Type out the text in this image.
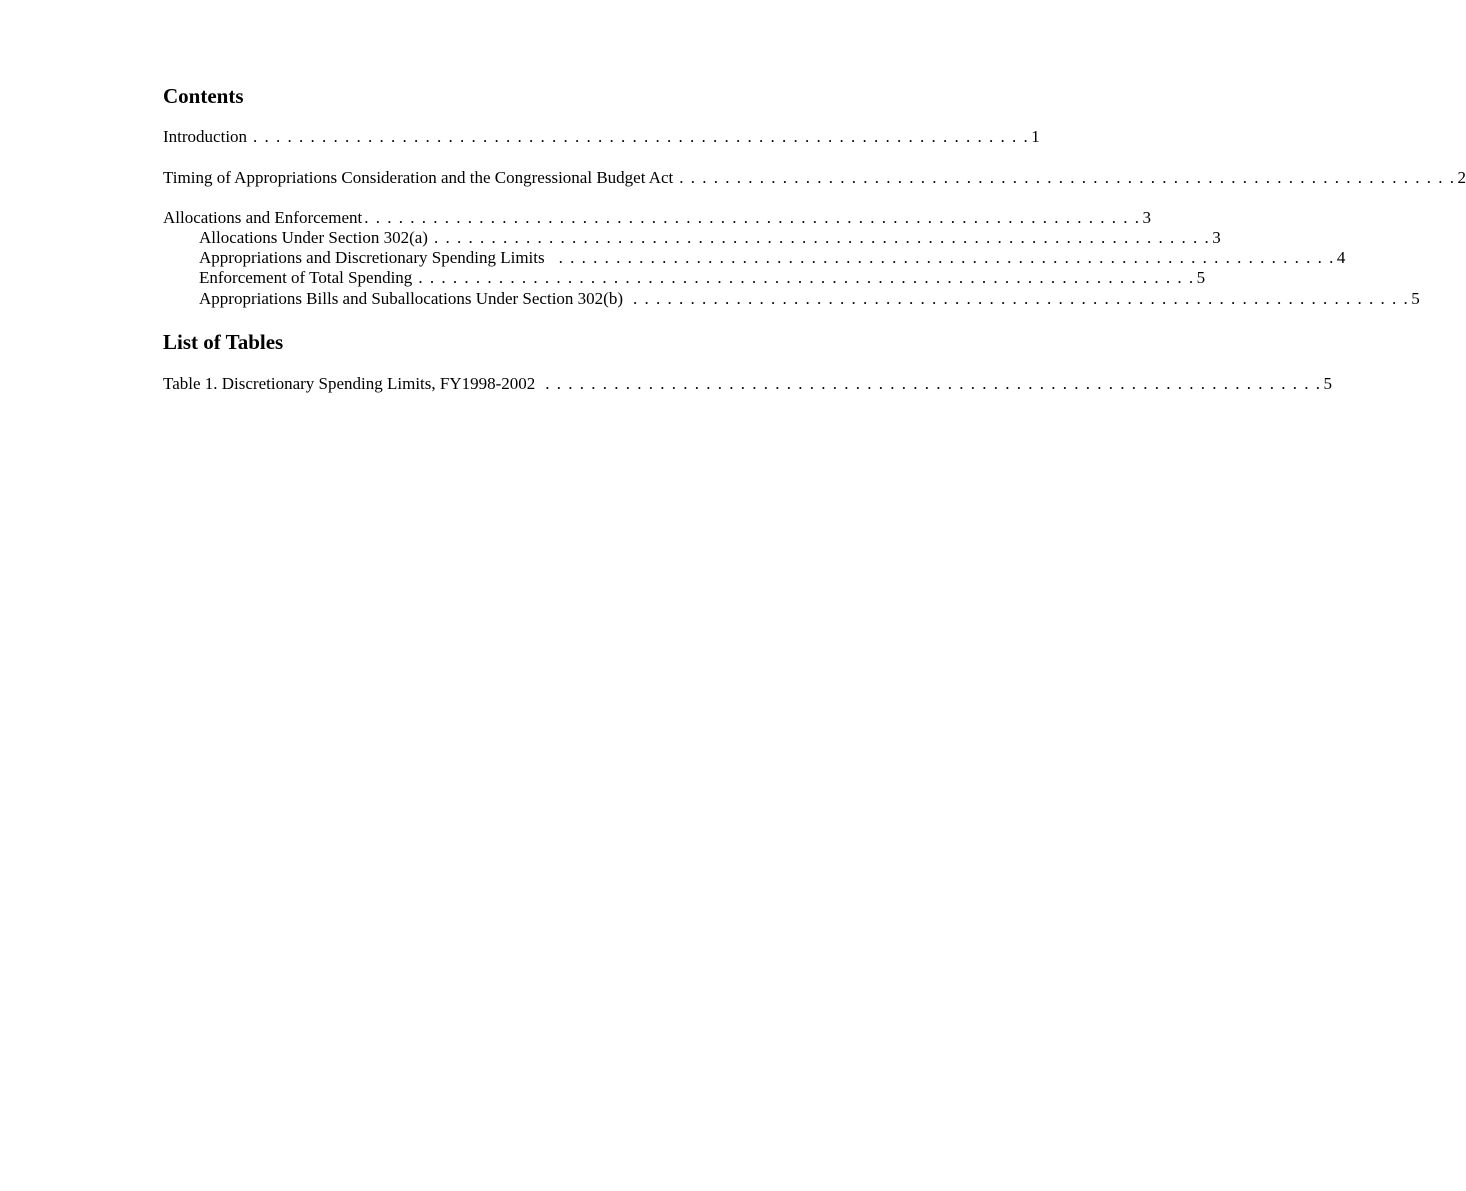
Contents
Introduction . . . . . . . . . . . . . . . . . . . . . . . . . . . . . . . . . . . . . . . . . . . . . . . . . . . . . . . . . . . . . . . . . . . . 1
Timing of Appropriations Consideration and the Congressional Budget Act . . . . . . . . . . . . . . . . . . . . . . . . . . . . . . . . . . . . . . . . . . . . . . . . . . . . . . . . . . . . . . . . . . . . 2
Allocations and Enforcement . . . . . . . . . . . . . . . . . . . . . . . . . . . . . . . . . . . . . . . . . . . . . . . . . . . . . . . . . . . . . . . . . . . . 3
Allocations Under Section 302(a) . . . . . . . . . . . . . . . . . . . . . . . . . . . . . . . . . . . . . . . . . . . . . . . . . . . . . . . . . . . . . . . . . . . . 3
Appropriations and Discretionary Spending Limits . . . . . . . . . . . . . . . . . . . . . . . . . . . . . . . . . . . . . . . . . . . . . . . . . . . . . . . . . . . . . . . . . . . . 4
Enforcement of Total Spending . . . . . . . . . . . . . . . . . . . . . . . . . . . . . . . . . . . . . . . . . . . . . . . . . . . . . . . . . . . . . . . . . . . . 5
Appropriations Bills and Suballocations Under Section 302(b) . . . . . . . . . . . . . . . . . . . . . . . . . . . . . . . . . . . . . . . . . . . . . . . . . . . . . . . . . . . . . . . . . . . . 5
List of Tables
Table 1. Discretionary Spending Limits, FY1998-2002 . . . . . . . . . . . . . . . . . . . . . . . . . . . . . . . . . . . . . . . . . . . . . . . . . . . . . . . . . . . . . . . . . . . . 5
